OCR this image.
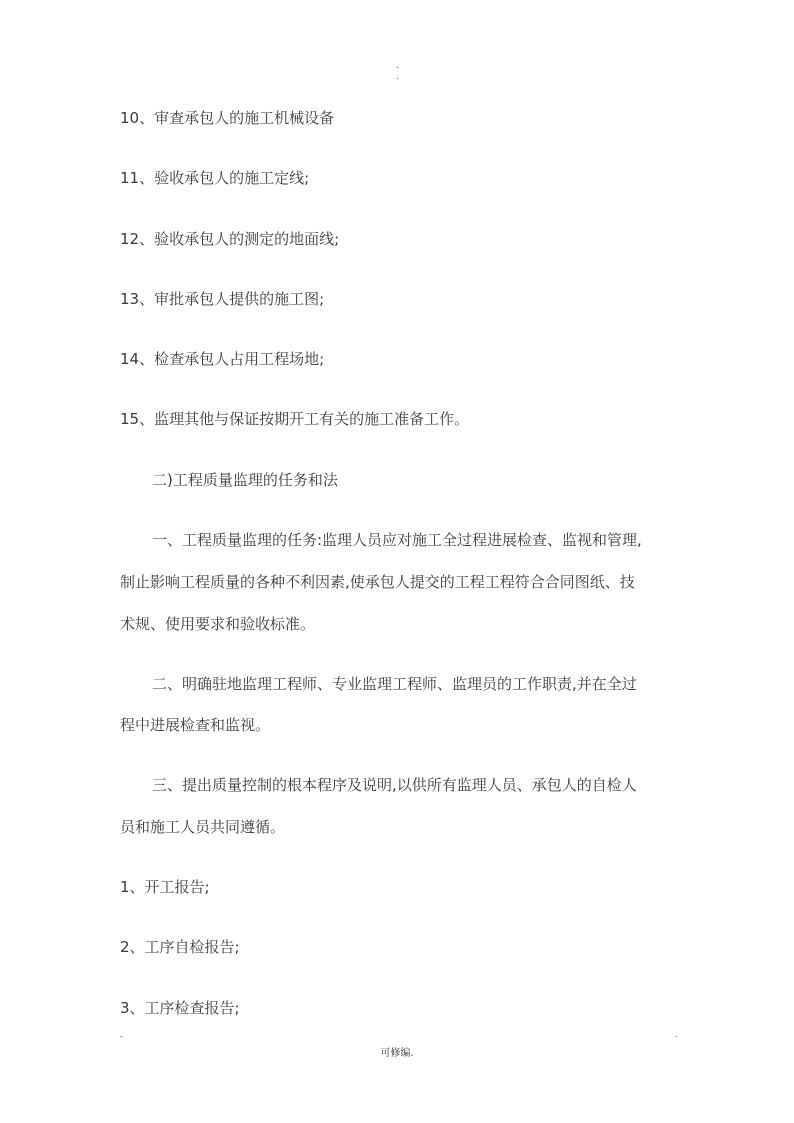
.
.
10、审查承包人的施工机械设备
11、验收承包人的施工定线;
12、验收承包人的测定的地面线;
13、审批承包人提供的施工图;
14、检查承包人占用工程场地;
15、监理其他与保证按期开工有关的施工准备工作。
二)工程质量监理的任务和法
一、工程质量监理的任务:监理人员应对施工全过程进展检查、监视和管理,
制止影响工程质量的各种不利因素,使承包人提交的工程工程符合合同图纸、技
术规、使用要求和验收标准。
二、明确驻地监理工程师、专业监理工程师、监理员的工作职责,并在全过
程中进展检查和监视。
三、提出质量控制的根本程序及说明,以供所有监理人员、承包人的自检人
员和施工人员共同遵循。
1、开工报告;
2、工序自检报告;
3、工序检查报告;
-	.
可修编.
